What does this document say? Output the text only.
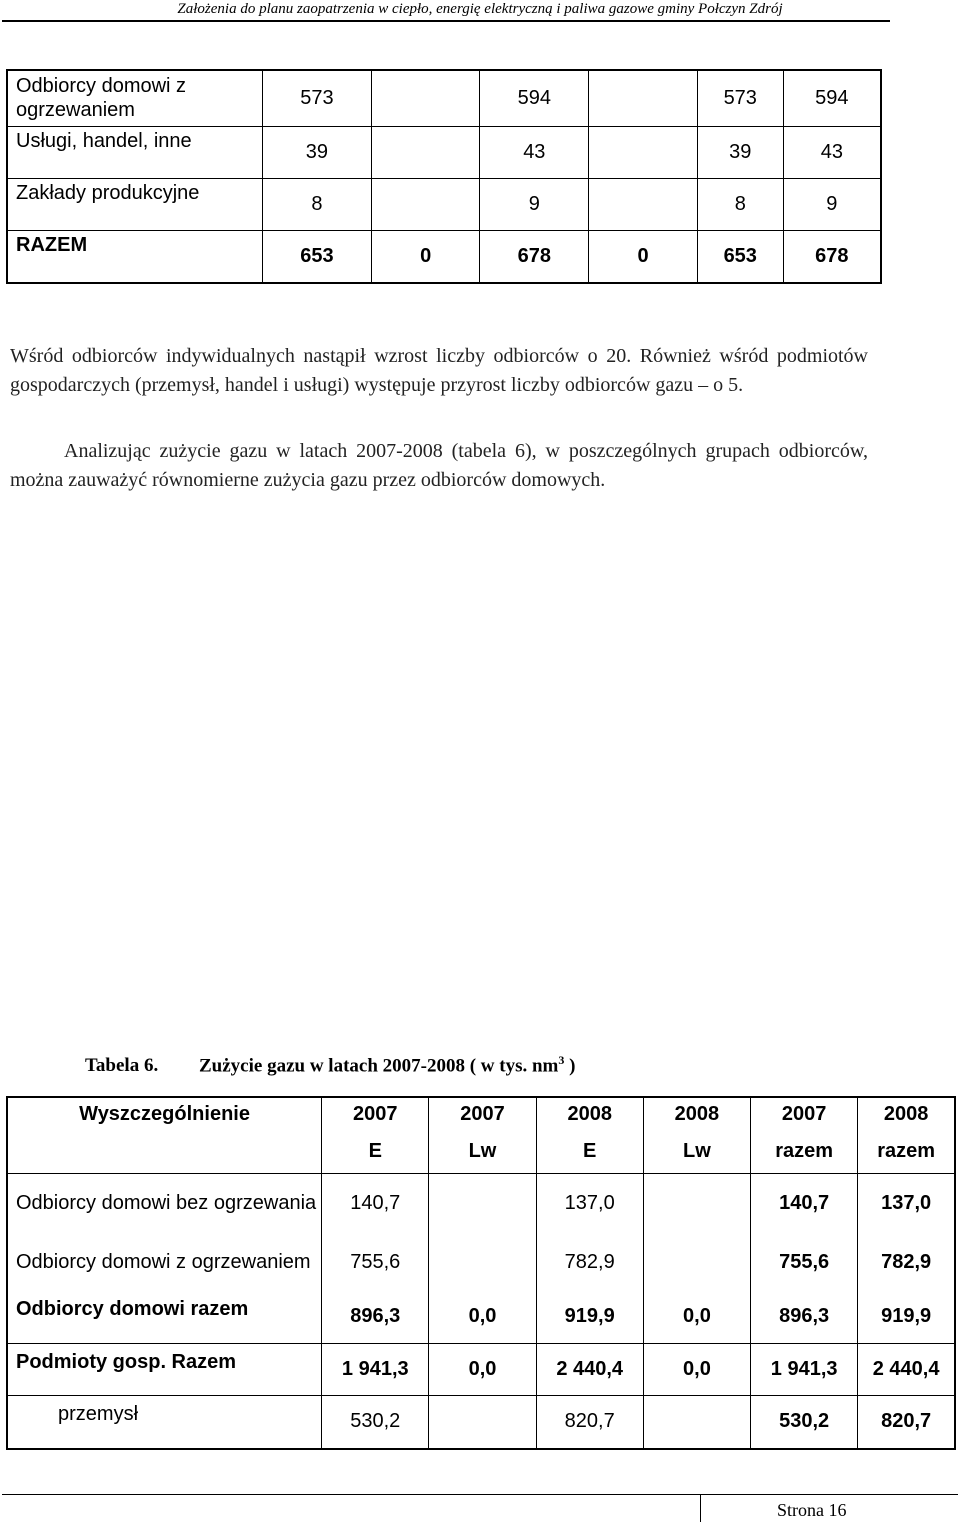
Założenia do planu zaopatrzenia w ciepło, energię elektryczną i paliwa gazowe gminy Połczyn Zdrój
Odbiorcy domowi z ogrzewaniem	573		594		573	594
Usługi, handel, inne	39		43		39	43
Zakłady produkcyjne	8		9		8	9
RAZEM	653	0	678	0	653	678
Wśród odbiorców indywidualnych nastąpił wzrost liczby odbiorców o 20. Również wśród podmiotów gospodarczych (przemysł, handel i usługi) występuje przyrost liczby odbiorców gazu – o 5.
Analizując zużycie gazu w latach 2007-2008 (tabela 6), w poszczególnych grupach odbiorców, można zauważyć równomierne zużycia gazu przez odbiorców domowych.
Tabela 6. Zużycie gazu w latach 2007-2008 ( w tys. $nm^3$ )
Wyszczególnienie	2007	2007	2008	2008	2007	2008
	E	Lw	E	Lw	razem	razem
Odbiorcy domowi bez ogrzewania	140,7		137,0		140,7	137,0
Odbiorcy domowi z ogrzewaniem	755,6		782,9		755,6	782,9
Odbiorcy domowi razem	896,3	0,0	919,9	0,0	896,3	919,9
Podmioty gosp. Razem	1 941,3	0,0	2 440,4	0,0	1 941,3	2 440,4
przemysł	530,2		820,7		530,2	820,7
Strona 16
